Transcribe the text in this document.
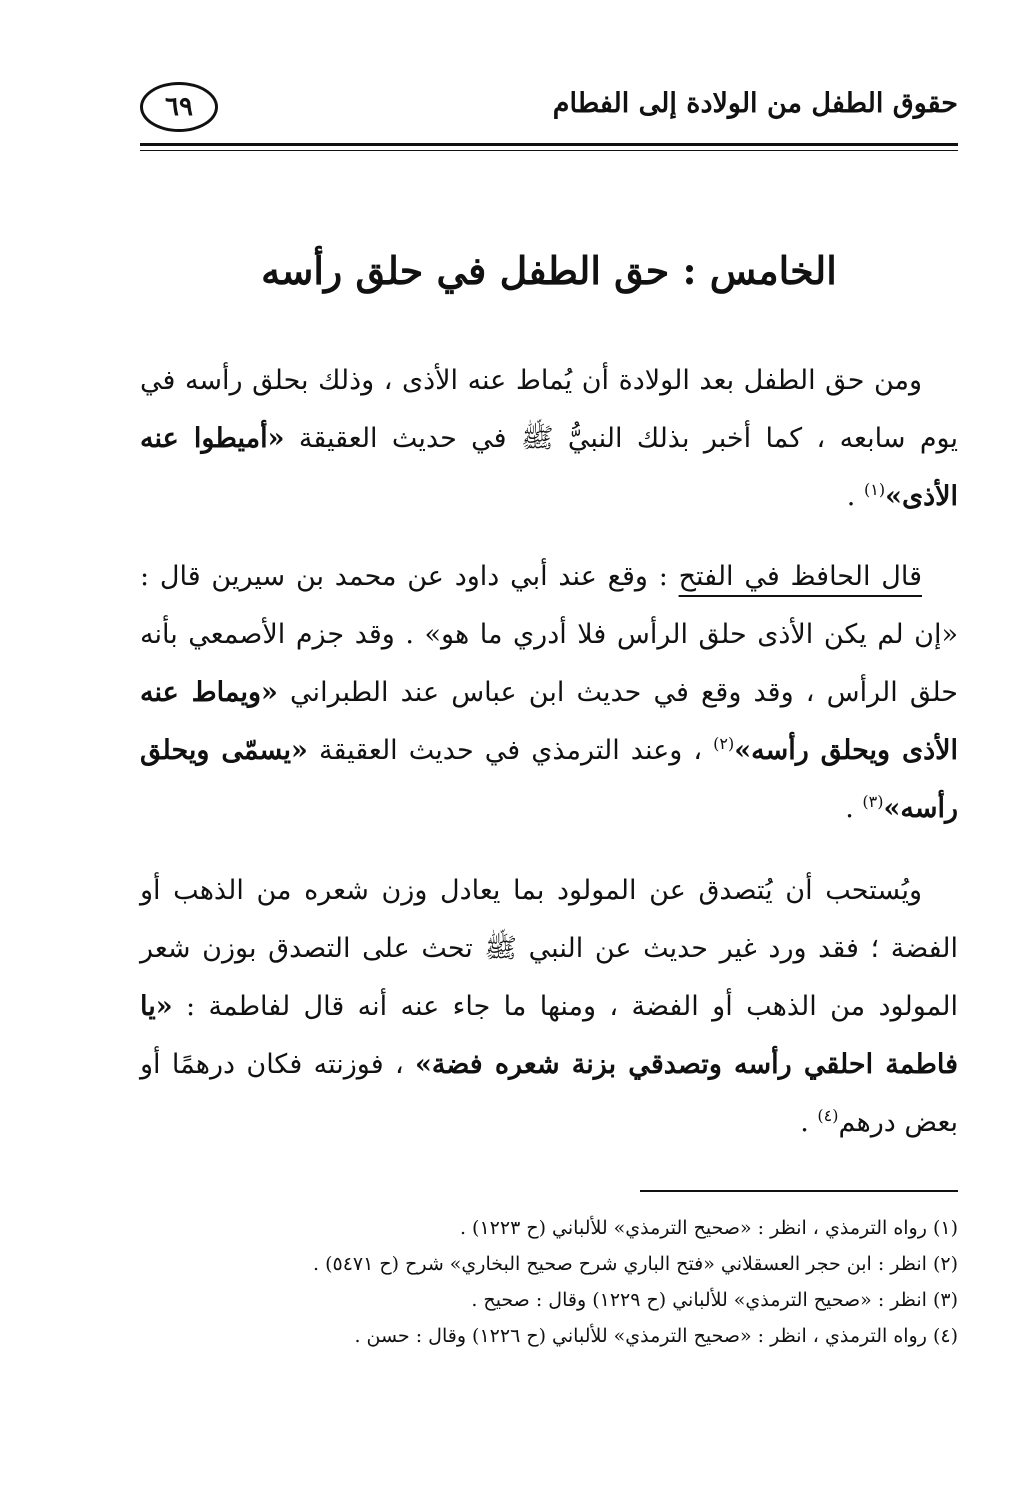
حقوق الطفل من الولادة إلى الفطام
٦٩
الخامس : حق الطفل في حلق رأسه

ومن حق الطفل بعد الولادة أن يُماط عنه الأذى ، وذلك بحلق رأسه في يوم سابعه ، كما أخبر بذلك النبيُّ ﷺ في حديث العقيقة «أميطوا عنه الأذى»$^{(١)}$ .

قال الحافظ في الفتح : وقع عند أبي داود عن محمد بن سيرين قال : «إن لم يكن الأذى حلق الرأس فلا أدري ما هو» . وقد جزم الأصمعي بأنه حلق الرأس ، وقد وقع في حديث ابن عباس عند الطبراني «ويماط عنه الأذى ويحلق رأسه»$^{(٢)}$ ، وعند الترمذي في حديث العقيقة «يسمّى ويحلق رأسه»$^{(٣)}$ .

ويُستحب أن يُتصدق عن المولود بما يعادل وزن شعره من الذهب أو الفضة ؛ فقد ورد غير حديث عن النبي ﷺ تحث على التصدق بوزن شعر المولود من الذهب أو الفضة ، ومنها ما جاء عنه أنه قال لفاطمة : «يا فاطمة احلقي رأسه وتصدقي بزنة شعره فضة» ، فوزنته فكان درهمًا أو بعض درهم$^{(٤)}$ .

(١) رواه الترمذي ، انظر : «صحيح الترمذي» للألباني (ح ١٢٢٣) .
(٢) انظر : ابن حجر العسقلاني «فتح الباري شرح صحيح البخاري» شرح (ح ٥٤٧١) .
(٣) انظر : «صحيح الترمذي» للألباني (ح ١٢٢٩) وقال : صحيح .
(٤) رواه الترمذي ، انظر : «صحيح الترمذي» للألباني (ح ١٢٢٦) وقال : حسن .
